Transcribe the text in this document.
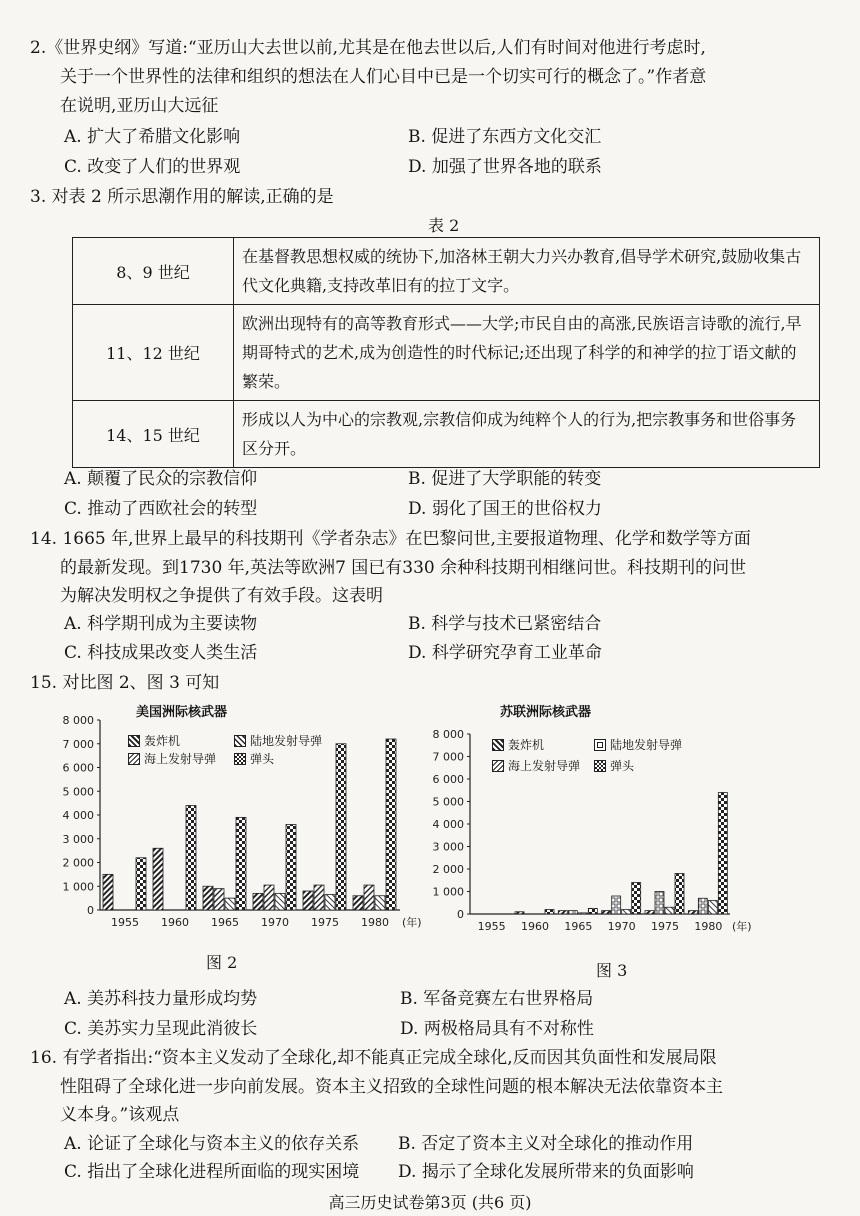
2.《世界史纲》写道:“亚历山大去世以前,尤其是在他去世以后,人们有时间对他进行考虑时,
关于一个世界性的法律和组织的想法在人们心目中已是一个切实可行的概念了。”作者意
在说明,亚历山大远征
A. 扩大了希腊文化影响	B. 促进了东西方文化交汇
C. 改变了人们的世界观	D. 加强了世界各地的联系
3. 对表 2 所示思潮作用的解读,正确的是
表 2
8、9 世纪	在基督教思想权威的统协下,加洛林王朝大力兴办教育,倡导学术研究,鼓励收集古代文化典籍,支持改革旧有的拉丁文字。
11、12 世纪	欧洲出现特有的高等教育形式——大学;市民自由的高涨,民族语言诗歌的流行,早期哥特式的艺术,成为创造性的时代标记;还出现了科学的和神学的拉丁语文献的繁荣。
14、15 世纪	形成以人为中心的宗教观,宗教信仰成为纯粹个人的行为,把宗教事务和世俗事务区分开。
A. 颠覆了民众的宗教信仰	B. 促进了大学职能的转变
C. 推动了西欧社会的转型	D. 弱化了国王的世俗权力
14. 1665 年,世界上最早的科技期刊《学者杂志》在巴黎问世,主要报道物理、化学和数学等方面
的最新发现。到1730 年,英法等欧洲7 国已有330 余种科技期刊相继问世。科技期刊的问世
为解决发明权之争提供了有效手段。这表明
A. 科学期刊成为主要读物	B. 科学与技术已紧密结合
C. 科技成果改变人类生活	D. 科学研究孕育工业革命
15. 对比图 2、图 3 可知
美国洲际核武器
轰炸机	陆地发射导弹
海上发射导弹	弹头
0
1 000
2 000
3 000
4 000
5 000
6 000
7 000
8 000
1955 1960 1965 1970 1975 1980 (年)
图 2
苏联洲际核武器
轰炸机	陆地发射导弹
海上发射导弹 弹头
0
1 000
2 000
3 000
4 000
5 000
6 000
7 000
8 000
1955 1960 1965 1970 1975 1980 (年)
图 3
A. 美苏科技力量形成均势	B. 军备竞赛左右世界格局
C. 美苏实力呈现此消彼长	D. 两极格局具有不对称性
16. 有学者指出:“资本主义发动了全球化,却不能真正完成全球化,反而因其负面性和发展局限
性阻碍了全球化进一步向前发展。资本主义招致的全球性问题的根本解决无法依靠资本主
义本身。”该观点
A. 论证了全球化与资本主义的依存关系 B. 否定了资本主义对全球化的推动作用
C. 指出了全球化进程所面临的现实困境 D. 揭示了全球化发展所带来的负面影响
高三历史试卷第3页 (共6 页)
